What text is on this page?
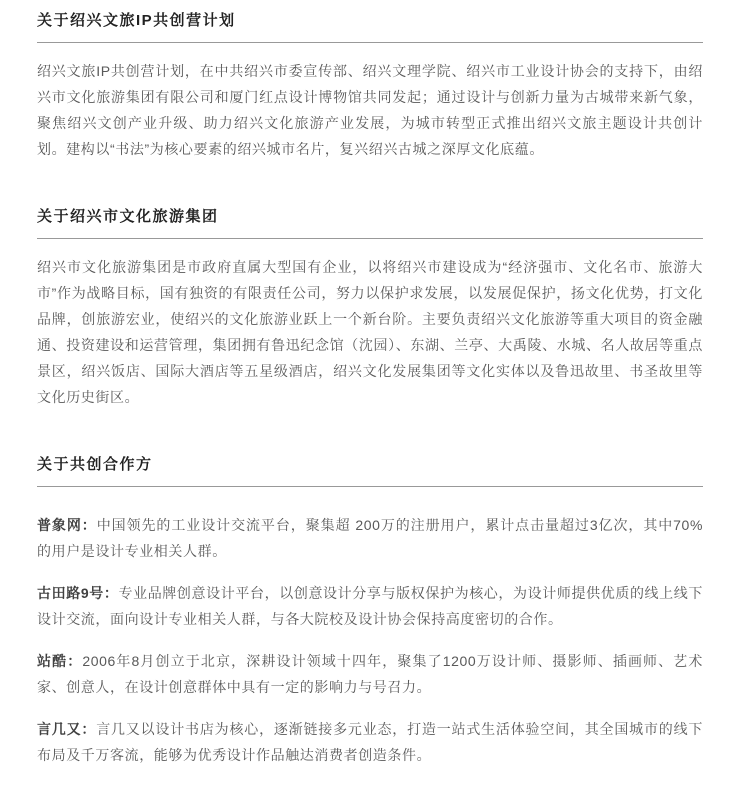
关于绍兴文旅IP共创营计划

绍兴文旅IP共创营计划，在中共绍兴市委宣传部、绍兴文理学院、绍兴市工业设计协会的支持下，由绍兴市文化旅游集团有限公司和厦门红点设计博物馆共同发起；通过设计与创新力量为古城带来新气象，聚焦绍兴文创产业升级、助力绍兴文化旅游产业发展，为城市转型正式推出绍兴文旅主题设计共创计划。建构以“书法”为核心要素的绍兴城市名片，复兴绍兴古城之深厚文化底蕴。

关于绍兴市文化旅游集团

绍兴市文化旅游集团是市政府直属大型国有企业，以将绍兴市建设成为“经济强市、文化名市、旅游大市”作为战略目标，国有独资的有限责任公司，努力以保护求发展，以发展促保护，扬文化优势，打文化品牌，创旅游宏业，使绍兴的文化旅游业跃上一个新台阶。主要负责绍兴文化旅游等重大项目的资金融通、投资建设和运营管理，集团拥有鲁迅纪念馆（沈园）、东湖、兰亭、大禹陵、水城、名人故居等重点景区，绍兴饭店、国际大酒店等五星级酒店，绍兴文化发展集团等文化实体以及鲁迅故里、书圣故里等文化历史街区。

关于共创合作方

普象网：中国领先的工业设计交流平台，聚集超 200万的注册用户，累计点击量超过3亿次，其中70%的用户是设计专业相关人群。

古田路9号：专业品牌创意设计平台，以创意设计分享与版权保护为核心，为设计师提供优质的线上线下设计交流，面向设计专业相关人群，与各大院校及设计协会保持高度密切的合作。

站酷：2006年8月创立于北京，深耕设计领域十四年，聚集了1200万设计师、摄影师、插画师、艺术家、创意人，在设计创意群体中具有一定的影响力与号召力。

言几又：言几又以设计书店为核心，逐渐链接多元业态，打造一站式生活体验空间，其全国城市的线下布局及千万客流，能够为优秀设计作品触达消费者创造条件。
